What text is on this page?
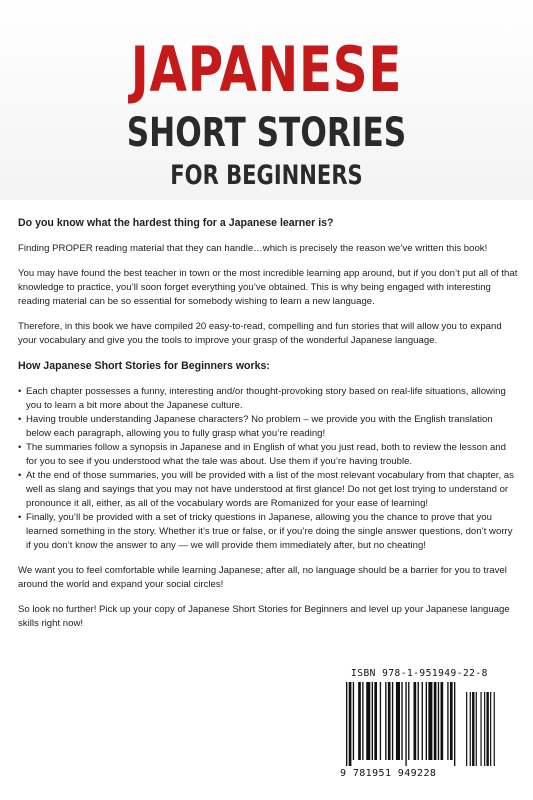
JAPANESE
SHORT STORIES
FOR BEGINNERS

Do you know what the hardest thing for a Japanese learner is?

Finding PROPER reading material that they can handle…which is precisely the reason we’ve written this book!

You may have found the best teacher in town or the most incredible learning app around, but if you don’t put all of that knowledge to practice, you’ll soon forget everything you’ve obtained. This is why being engaged with interesting reading material can be so essential for somebody wishing to learn a new language.

Therefore, in this book we have compiled 20 easy-to-read, compelling and fun stories that will allow you to expand your vocabulary and give you the tools to improve your grasp of the wonderful Japanese language.

How Japanese Short Stories for Beginners works:

• Each chapter possesses a funny, interesting and/or thought-provoking story based on real-life situations, allowing you to learn a bit more about the Japanese culture.
• Having trouble understanding Japanese characters? No problem – we provide you with the English translation below each paragraph, allowing you to fully grasp what you’re reading!
• The summaries follow a synopsis in Japanese and in English of what you just read, both to review the lesson and for you to see if you understood what the tale was about. Use them if you’re having trouble.
• At the end of those summaries, you will be provided with a list of the most relevant vocabulary from that chapter, as well as slang and sayings that you may not have understood at first glance! Do not get lost trying to understand or pronounce it all, either, as all of the vocabulary words are Romanized for your ease of learning!
• Finally, you’ll be provided with a set of tricky questions in Japanese, allowing you the chance to prove that you learned something in the story. Whether it’s true or false, or if you’re doing the single answer questions, don’t worry if you don’t know the answer to any — we will provide them immediately after, but no cheating!

We want you to feel comfortable while learning Japanese; after all, no language should be a barrier for you to travel around the world and expand your social circles!

So look no further! Pick up your copy of Japanese Short Stories for Beginners and level up your Japanese language skills right now!

ISBN 978-1-951949-22-8
9 781951 949228
